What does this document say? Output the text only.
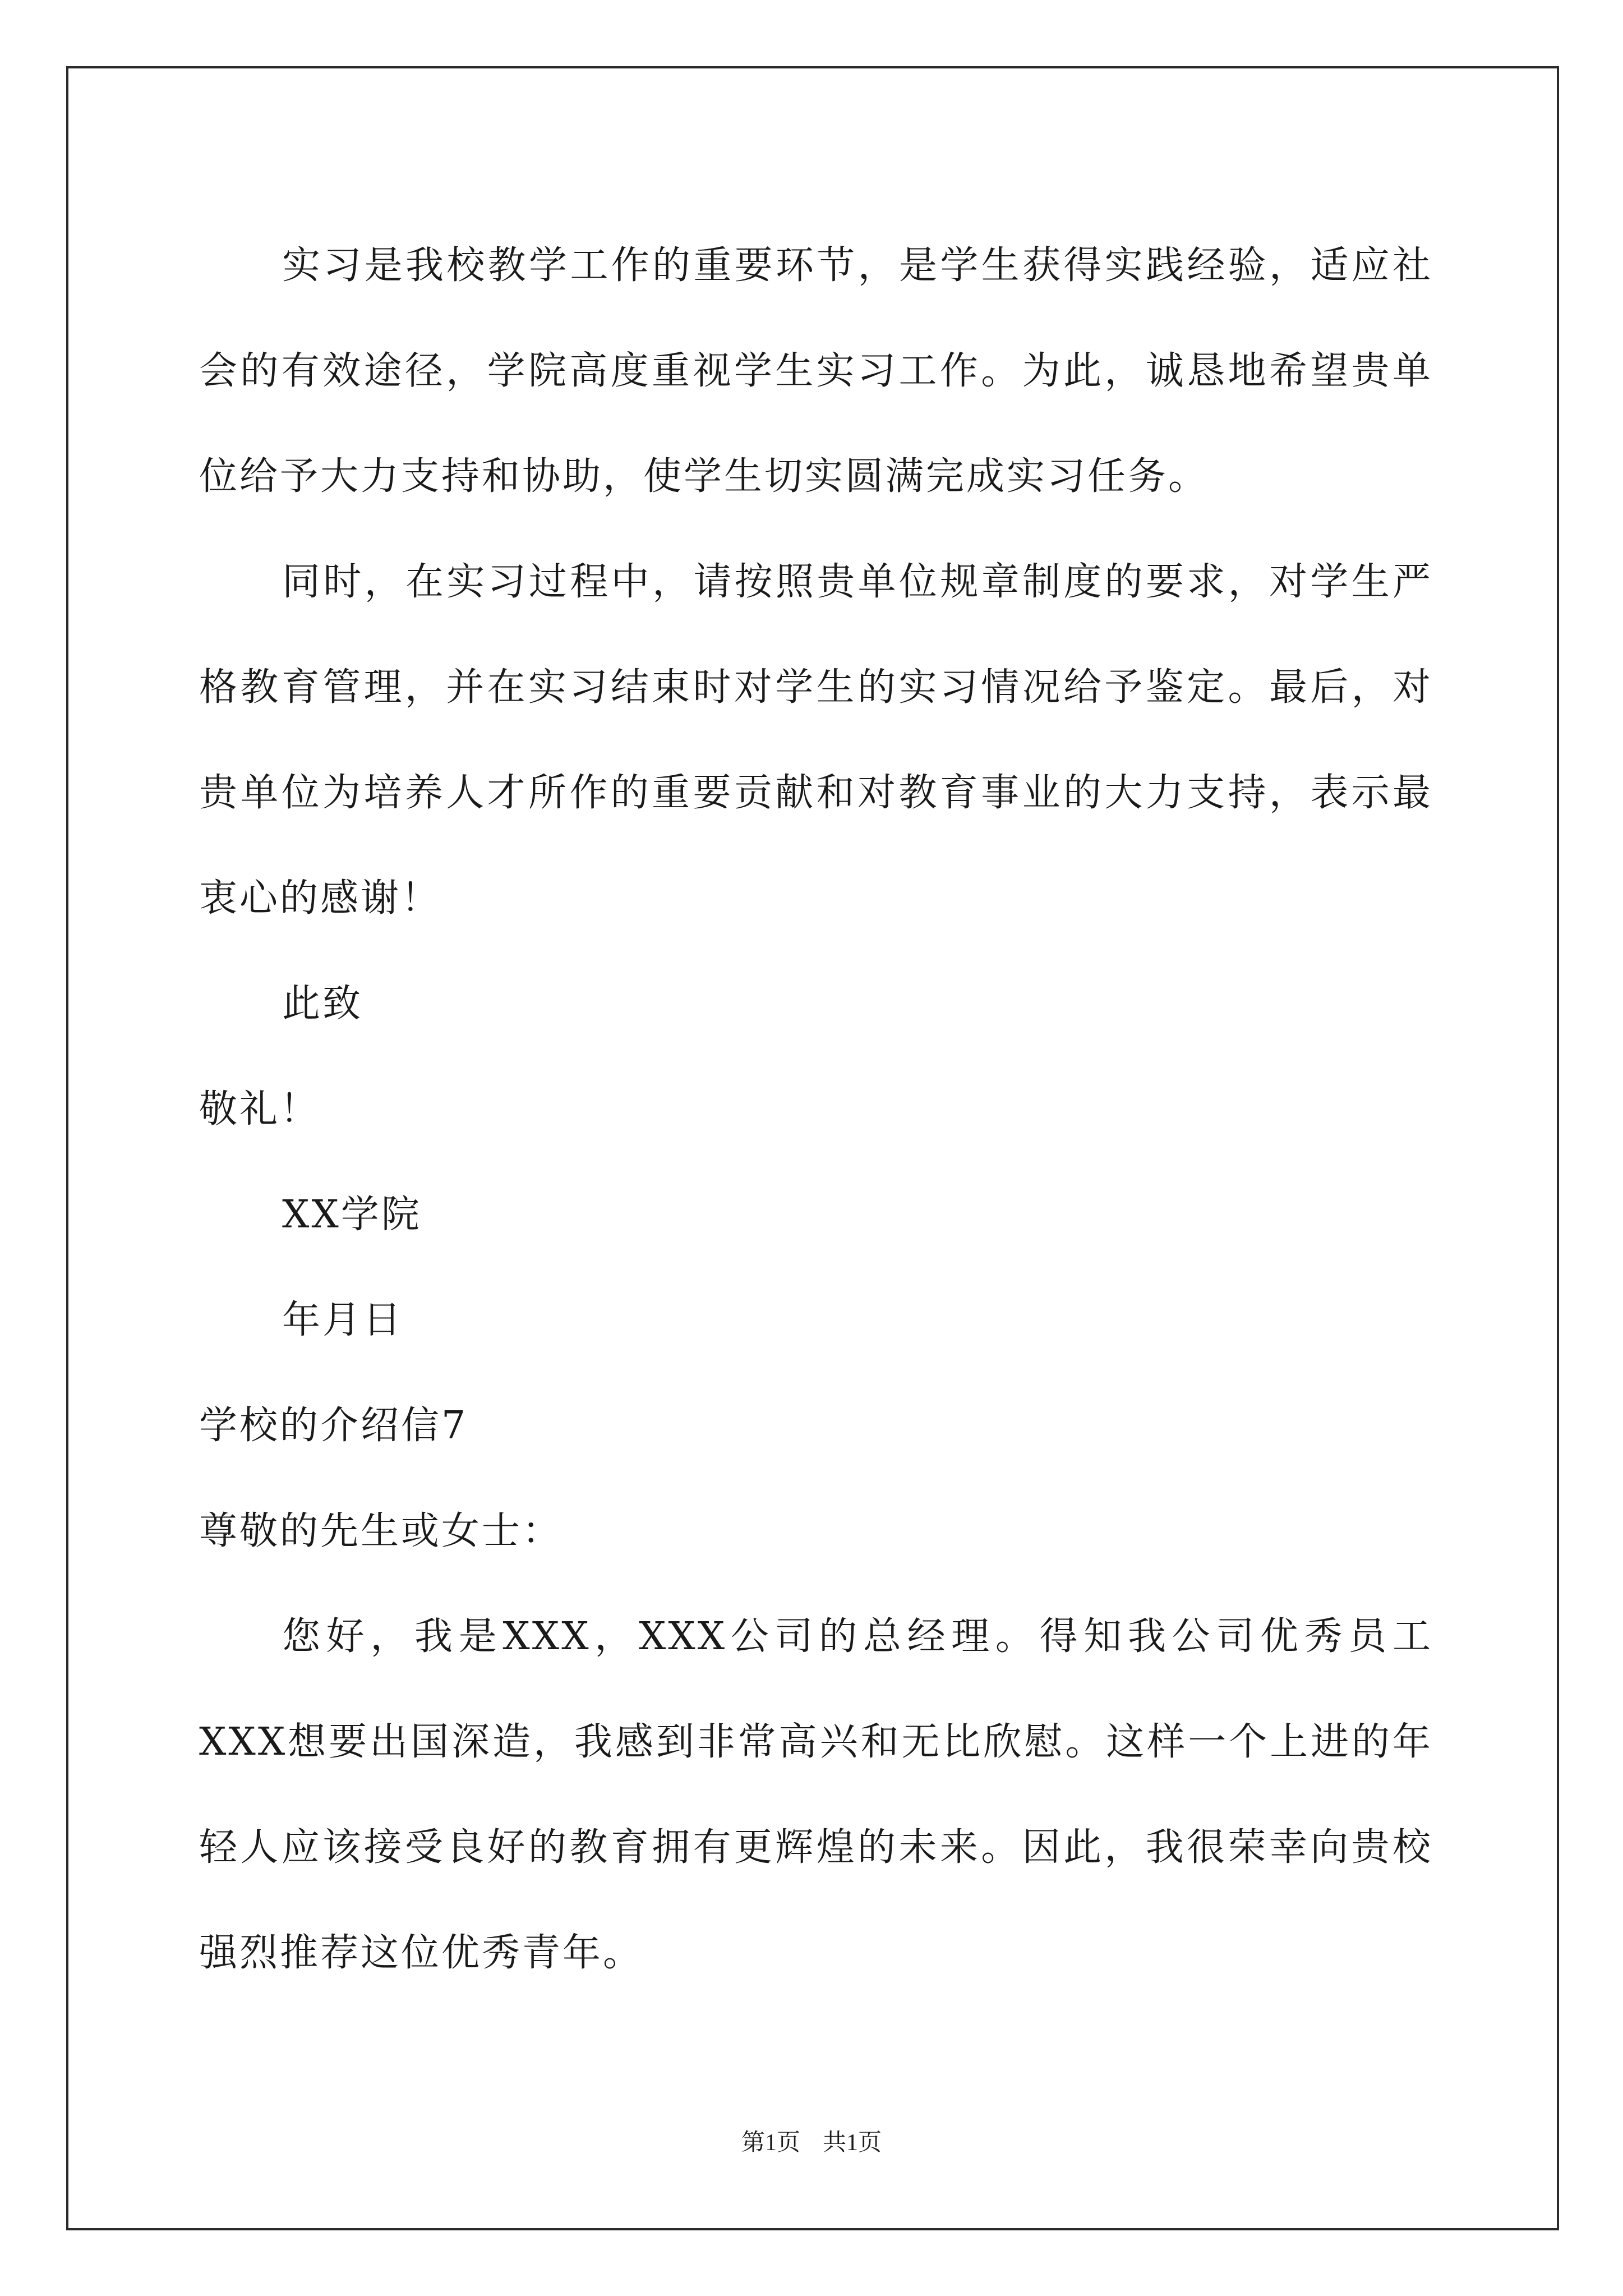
实习是我校教学工作的重要环节，是学生获得实践经验，适应社会的有效途径，学院高度重视学生实习工作。为此，诚恳地希望贵单位给予大力支持和协助，使学生切实圆满完成实习任务。

同时，在实习过程中，请按照贵单位规章制度的要求，对学生严格教育管理，并在实习结束时对学生的实习情况给予鉴定。最后，对贵单位为培养人才所作的重要贡献和对教育事业的大力支持，表示最衷心的感谢！

此致

敬礼！

XX学院

年月日

学校的介绍信7

尊敬的先生或女士：

您好，我是XXX，XXX公司的总经理。得知我公司优秀员工XXX想要出国深造，我感到非常高兴和无比欣慰。这样一个上进的年轻人应该接受良好的教育拥有更辉煌的未来。因此，我很荣幸向贵校强烈推荐这位优秀青年。

第1页 共1页
